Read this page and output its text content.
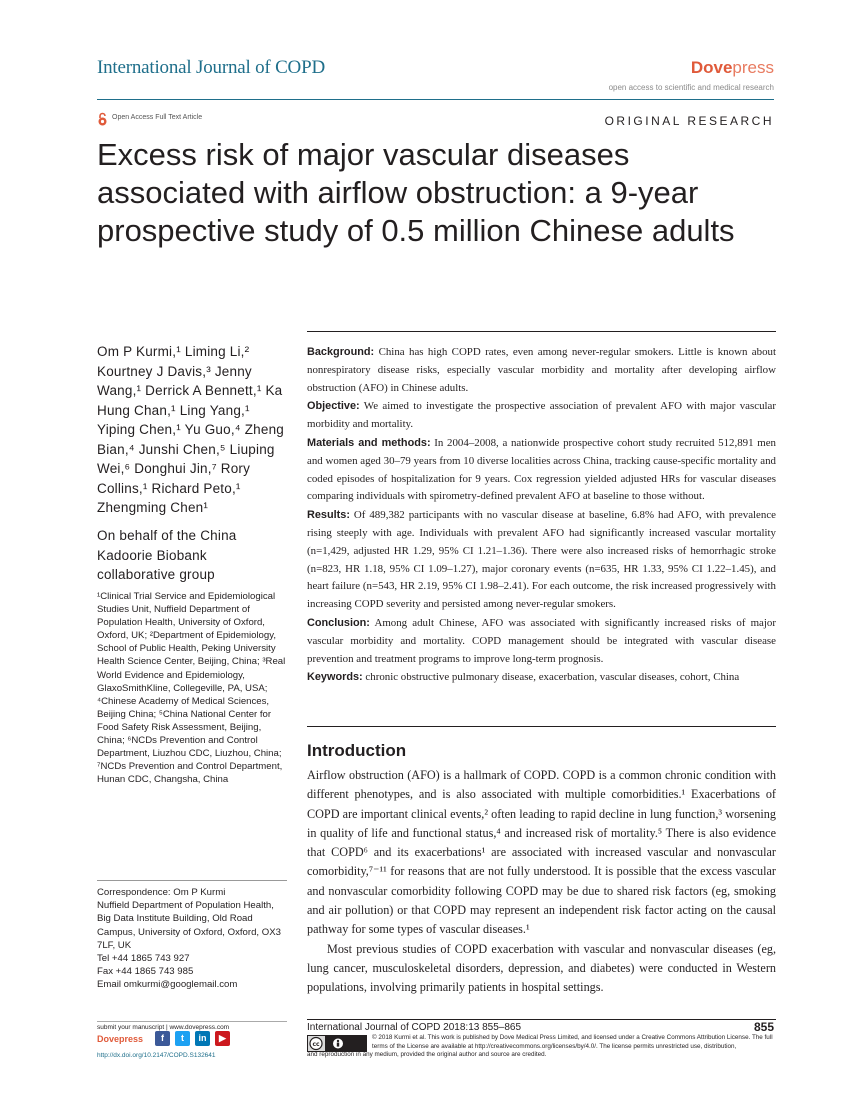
International Journal of COPD	Dovepress
open access to scientific and medical research
Open Access Full Text Article	ORIGINAL RESEARCH
Excess risk of major vascular diseases associated with airflow obstruction: a 9-year prospective study of 0.5 million Chinese adults
Om P Kurmi,¹ Liming Li,² Kourtney J Davis,³ Jenny Wang,¹ Derrick A Bennett,¹ Ka Hung Chan,¹ Ling Yang,¹ Yiping Chen,¹ Yu Guo,⁴ Zheng Bian,⁴ Junshi Chen,⁵ Liuping Wei,⁶ Donghui Jin,⁷ Rory Collins,¹ Richard Peto,¹ Zhengming Chen¹
On behalf of the China Kadoorie Biobank collaborative group
¹Clinical Trial Service and Epidemiological Studies Unit, Nuffield Department of Population Health, University of Oxford, Oxford, UK; ²Department of Epidemiology, School of Public Health, Peking University Health Science Center, Beijing, China; ³Real World Evidence and Epidemiology, GlaxoSmithKline, Collegeville, PA, USA; ⁴Chinese Academy of Medical Sciences, Beijing China; ⁵China National Center for Food Safety Risk Assessment, Beijing, China; ⁶NCDs Prevention and Control Department, Liuzhou CDC, Liuzhou, China; ⁷NCDs Prevention and Control Department, Hunan CDC, Changsha, China
Correspondence: Om P Kurmi
Nuffield Department of Population Health, Big Data Institute Building, Old Road Campus, University of Oxford, Oxford, OX3 7LF, UK
Tel +44 1865 743 927
Fax +44 1865 743 985
Email omkurmi@googlemail.com

Background: China has high COPD rates, even among never-regular smokers. Little is known about nonrespiratory disease risks, especially vascular morbidity and mortality after developing airflow obstruction (AFO) in Chinese adults.

Objective: We aimed to investigate the prospective association of prevalent AFO with major vascular morbidity and mortality.

Materials and methods: In 2004–2008, a nationwide prospective cohort study recruited 512,891 men and women aged 30–79 years from 10 diverse localities across China, tracking cause-specific mortality and coded episodes of hospitalization for 9 years. Cox regression yielded adjusted HRs for vascular diseases comparing individuals with spirometry-defined prevalent AFO at baseline to those without.

Results: Of 489,382 participants with no vascular disease at baseline, 6.8% had AFO, with prevalence rising steeply with age. Individuals with prevalent AFO had significantly increased vascular mortality (n=1,429, adjusted HR 1.29, 95% CI 1.21–1.36). There were also increased risks of hemorrhagic stroke (n=823, HR 1.18, 95% CI 1.09–1.27), major coronary events (n=635, HR 1.33, 95% CI 1.22–1.45), and heart failure (n=543, HR 2.19, 95% CI 1.98–2.41). For each outcome, the risk increased progressively with increasing COPD severity and persisted among never-regular smokers.

Conclusion: Among adult Chinese, AFO was associated with significantly increased risks of major vascular morbidity and mortality. COPD management should be integrated with vascular disease prevention and treatment programs to improve long-term prognosis.

Keywords: chronic obstructive pulmonary disease, exacerbation, vascular diseases, cohort, China

Introduction

Airflow obstruction (AFO) is a hallmark of COPD. COPD is a common chronic condition with different phenotypes, and is also associated with multiple comorbidities.¹ Exacerbations of COPD are important clinical events,² often leading to rapid decline in lung function,³ worsening in quality of life and functional status,⁴ and increased risk of mortality.⁵ There is also evidence that COPD⁶ and its exacerbations¹ are associated with increased vascular and nonvascular comorbidity,⁷⁻¹¹ for reasons that are not fully understood. It is possible that the excess vascular and nonvascular comorbidity following COPD may be due to shared risk factors (eg, smoking and air pollution) or that COPD may represent an independent risk factor acting on the causal pathway for some types of vascular diseases.¹

Most previous studies of COPD exacerbation with vascular and nonvascular diseases (eg, lung cancer, musculoskeletal disorders, depression, and diabetes) were conducted in Western populations, involving primarily patients in hospital settings.

submit your manuscript | www.dovepress.com
Dovepress	f	t	in	▶
http://dx.doi.org/10.2147/COPD.S132641
International Journal of COPD 2018:13 855–865	855
cc
© 2018 Kurmi et al. This work is published by Dove Medical Press Limited, and licensed under a Creative Commons Attribution License. The full terms of the License are available at http://creativecommons.org/licenses/by/4.0/. The license permits unrestricted use, distribution,
and reproduction in any medium, provided the original author and source are credited.
